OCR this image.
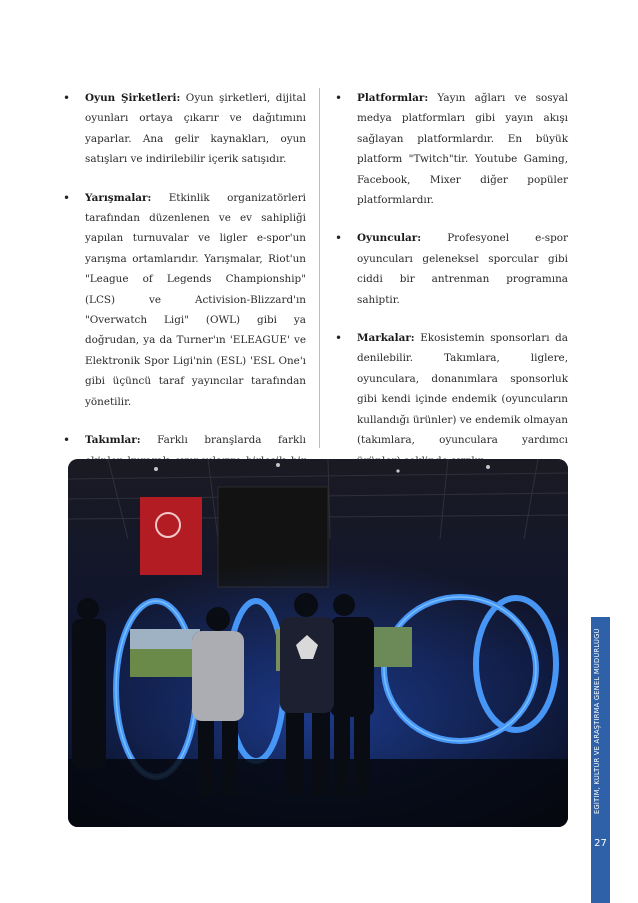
• Oyun Şirketleri: Oyun şirketleri, dijital oyunları ortaya çıkarır ve dağıtımını yaparlar. Ana gelir kaynakları, oyun satışları ve indirilebilir içerik satışıdır.

• Yarışmalar: Etkinlik organizatörleri tarafından düzenlenen ve ev sahipliği yapılan turnuvalar ve ligler e-spor'un yarışma ortamlarıdır. Yarışmalar, Riot'un "League of Legends Championship" (LCS) ve Activision-Blizzard'ın "Overwatch Ligi" (OWL) gibi ya doğrudan, ya da Turner'ın 'ELEAGUE' ve Elektronik Spor Ligi'nin (ESL) 'ESL One'ı gibi üçüncü taraf yayıncılar tarafından yönetilir.

• Takımlar: Farklı branşlarda farklı

• Platformlar: Yayın ağları ve sosyal medya platformları gibi yayın akışı sağlayan platformlardır. En büyük platform "Twitch"tir. Youtube Gaming, Facebook, Mixer diğer popüler platformlardır.

• Oyuncular:	Profesyonel e-spor oyuncuları geleneksel sporcular gibi ciddi bir antrenman programına sahiptir.

• Markalar: Ekosistemin sponsorları da denilebilir. Takımlara, liglere, oyunculara, donanımlara sponsorluk gibi kendi içinde endemik (oyuncuların kullandığı ürünler) ve endemik olmayan (takımlara, oyunculara yardımcı

EĞİTİM, KÜLTÜR VE ARAŞTIRMA GENEL MÜDÜRLÜĞÜ
27
